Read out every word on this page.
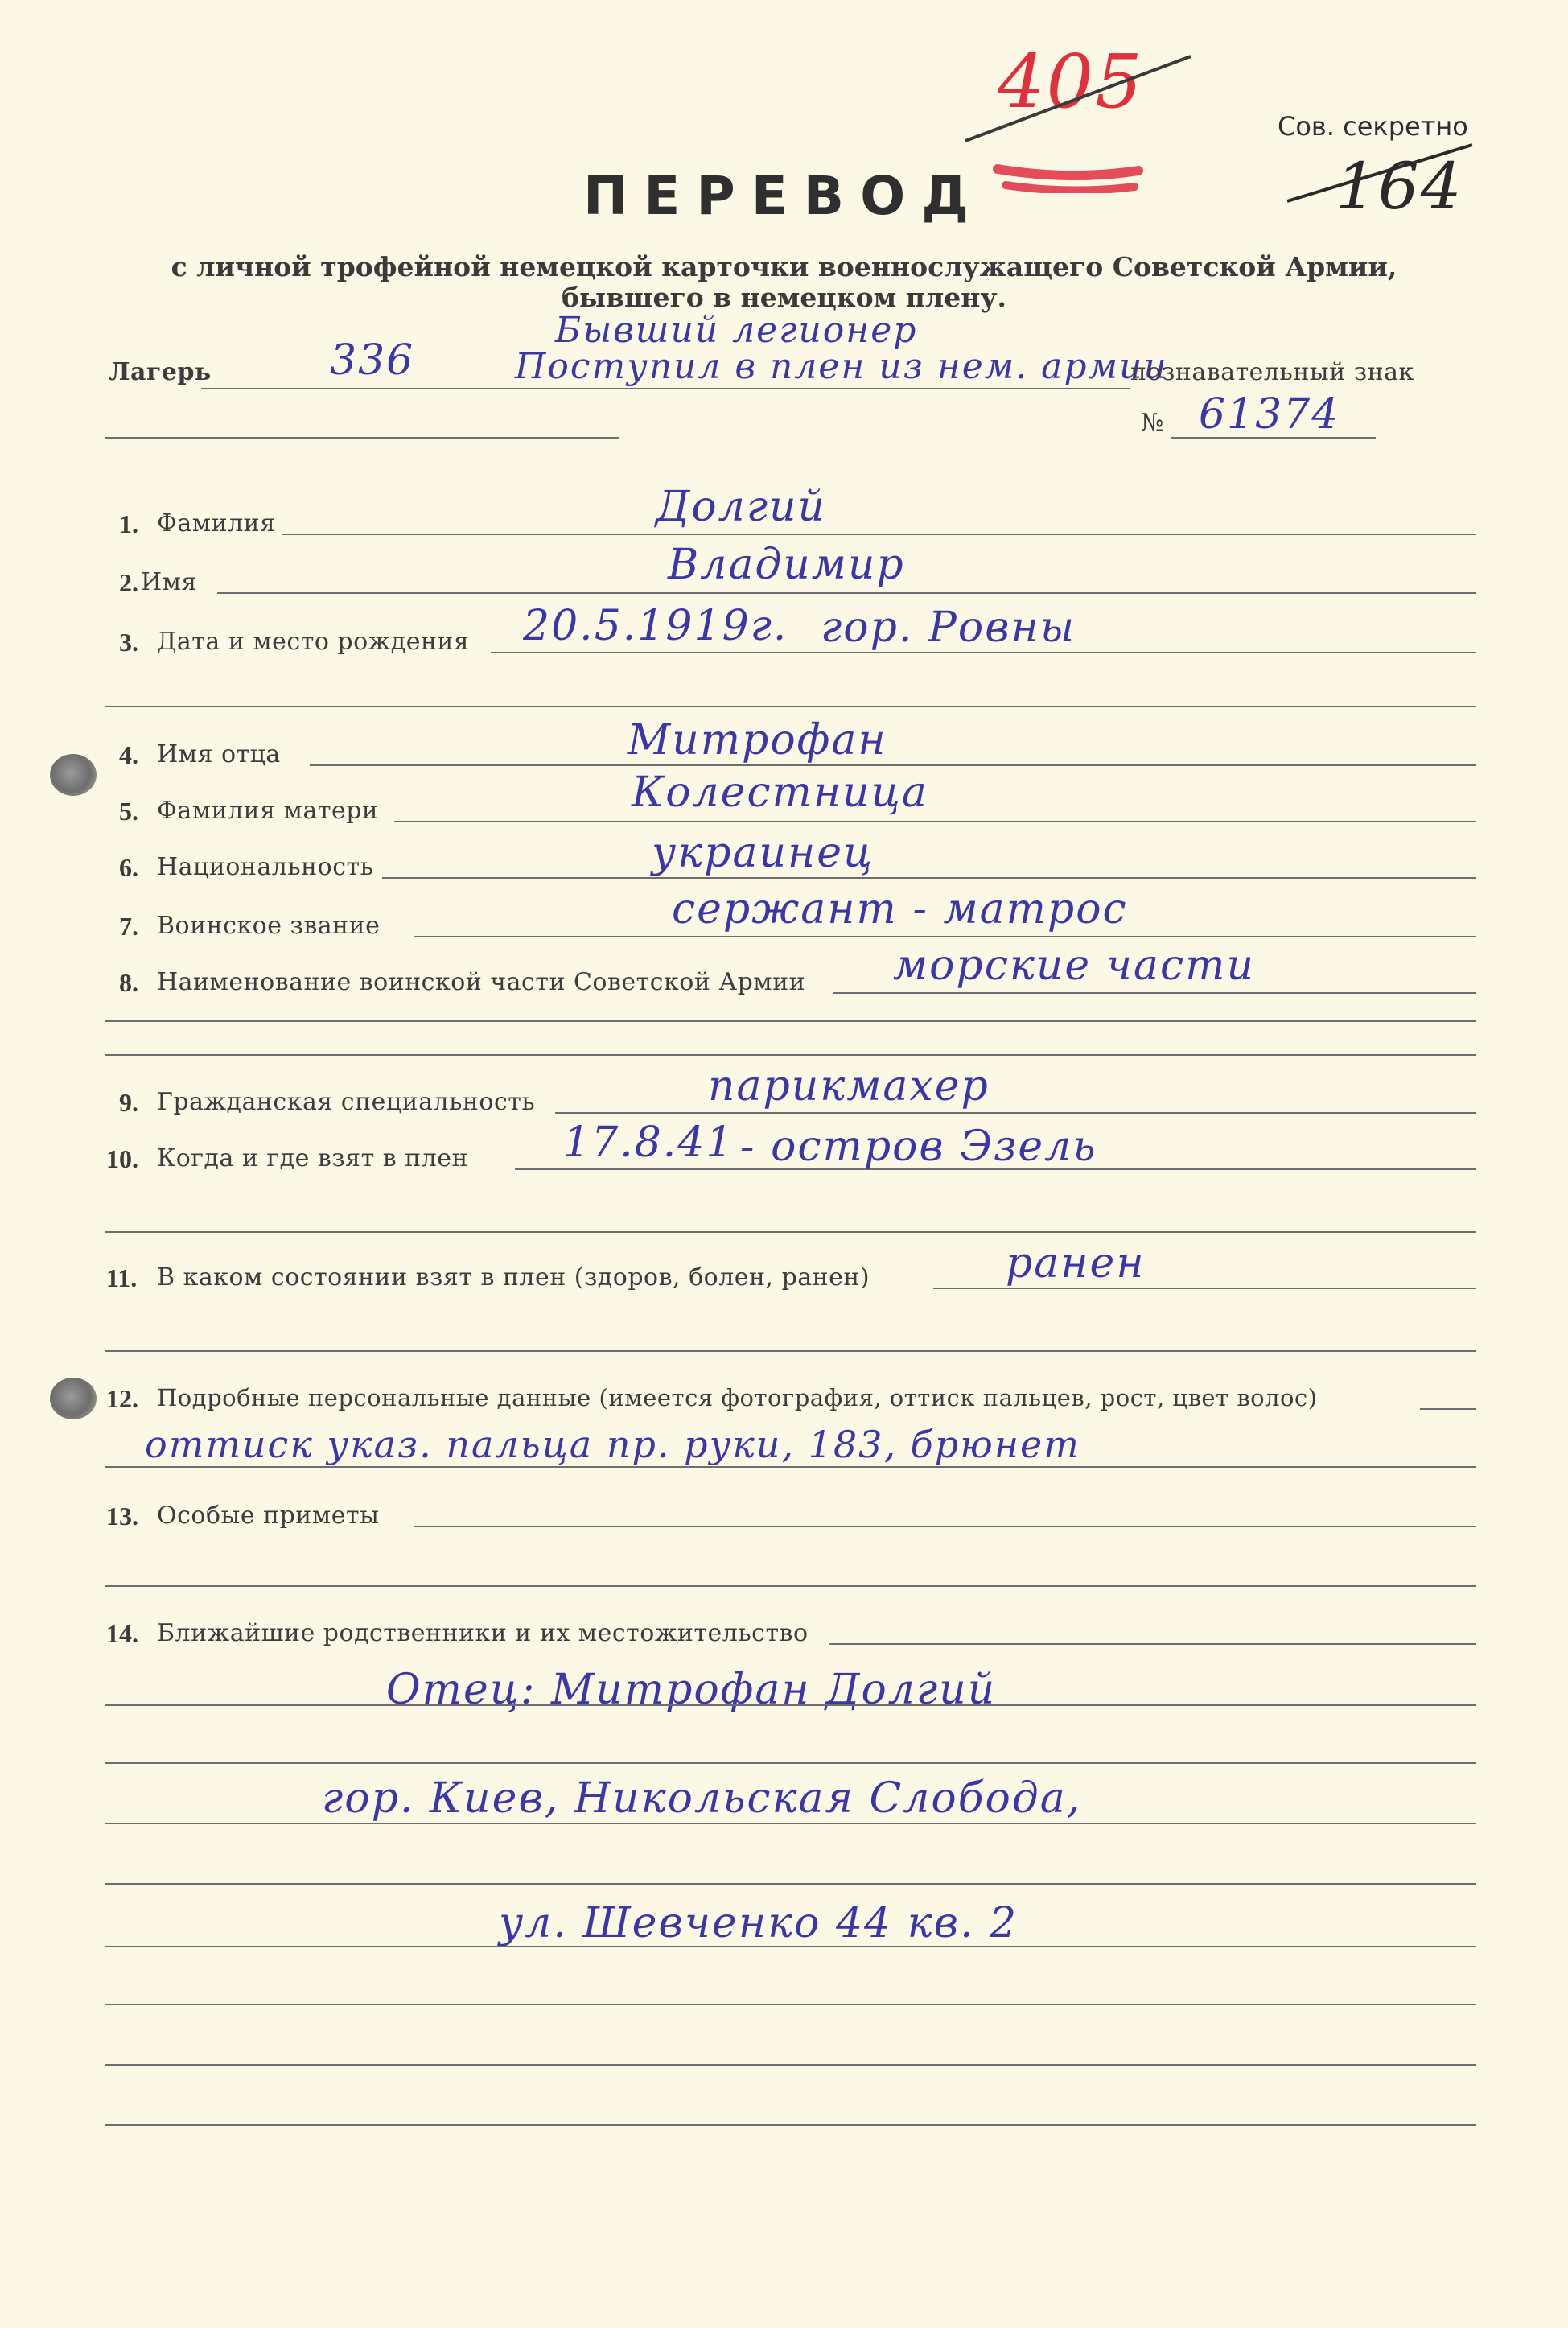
Сов. секретно
ПЕРЕВОД
с личной трофейной немецкой карточки военнослужащего Советской Армии,
бывшего в немецком плену.
405
164
Лагерь	336
Бывший легионер
Поступил в плен из нем. армии
познавательный знак
№ 61374
1. Фамилия	Долгий
2. Имя	Владимир
3. Дата и место рождения 20.5.1919г. гор. Ровны
4. Имя отца	Митрофан
5. Фамилия матери	Колестница
6. Национальность	украинец
7. Воинское звание	сержант - матрос
8. Наименование воинской части Советской Армии морские части
9. Гражданская специальность	парикмахер
10. Когда и где взят в плен 17.8.41 - остров Эзель
11. В каком состоянии взят в плен (здоров, болен, ранен)	ранен
12. Подробные персональные данные (имеется фотография, оттиск пальцев, рост, цвет волос)
оттиск указ. пальца пр. руки, 183, брюнет
13. Особые приметы
14. Ближайшие родственники и их местожительство
Отец: Митрофан Долгий
гор. Киев, Никольская Слобода,
ул. Шевченко 44 кв. 2
